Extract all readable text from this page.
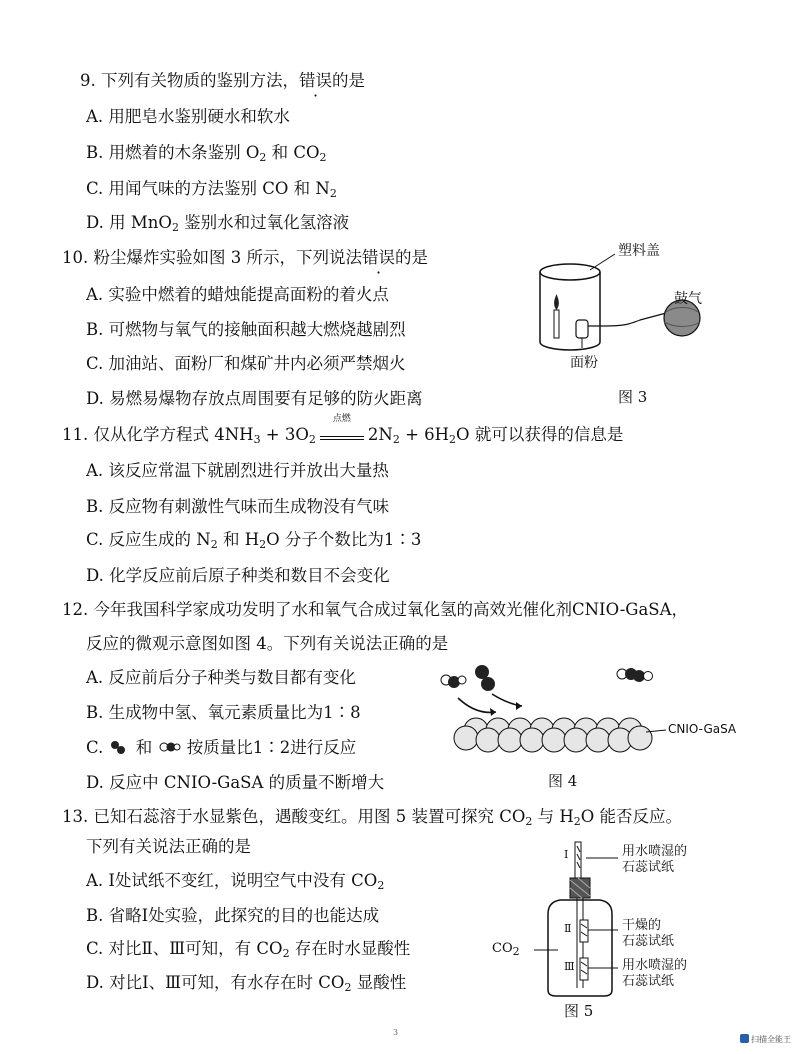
9. 下列有关物质的鉴别方法，错误的是
A. 用肥皂水鉴别硬水和软水
B. 用燃着的木条鉴别 $O_2$ 和 $CO_2$
C. 用闻气味的方法鉴别 CO 和 $N_2$
D. 用 MnO$_2$ 鉴别水和过氧化氢溶液
10. 粉尘爆炸实验如图 3 所示，下列说法错误的是
A. 实验中燃着的蜡烛能提高面粉的着火点
B. 可燃物与氧气的接触面积越大燃烧越剧烈
C. 加油站、面粉厂和煤矿井内必须严禁烟火
D. 易燃易爆物存放点周围要有足够的防火距离
塑料盖
鼓气
面粉
图 3
11. 仅从化学方程式 $4NH_3 + 3O_2$
点燃
$2N_2 + 6H_2O$ 就可以获得的信息是
A. 该反应常温下就剧烈进行并放出大量热
B. 反应物有刺激性气味而生成物没有气味
C. 反应生成的 $N_2$ 和 $H_2O$ 分子个数比为1∶3
D. 化学反应前后原子种类和数目不会变化
12. 今年我国科学家成功发明了水和氧气合成过氧化氢的高效光催化剂CNIO-GaSA，
反应的微观示意图如图 4。下列有关说法正确的是
A. 反应前后分子种类与数目都有变化
B. 生成物中氢、氧元素质量比为1∶8
C.  和  按质量比1∶2进行反应
D. 反应中 CNIO-GaSA 的质量不断增大
CNIO-GaSA
图 4
13. 已知石蕊溶于水显紫色，遇酸变红。用图 5 装置可探究 $CO_2$ 与 $H_2O$ 能否反应。
下列有关说法正确的是
A. Ⅰ处试纸不变红，说明空气中没有 $CO_2$
B. 省略Ⅰ处实验，此探究的目的也能达成
C. 对比Ⅱ、Ⅲ可知，有 $CO_2$ 存在时水显酸性
D. 对比Ⅰ、Ⅲ可知，有水存在时 $CO_2$ 显酸性
Ⅰ
Ⅱ
Ⅲ
用水喷湿的
石蕊试纸
干燥的
石蕊试纸
用水喷湿的
石蕊试纸
$CO_2$
图 5
3
扫描全能王
